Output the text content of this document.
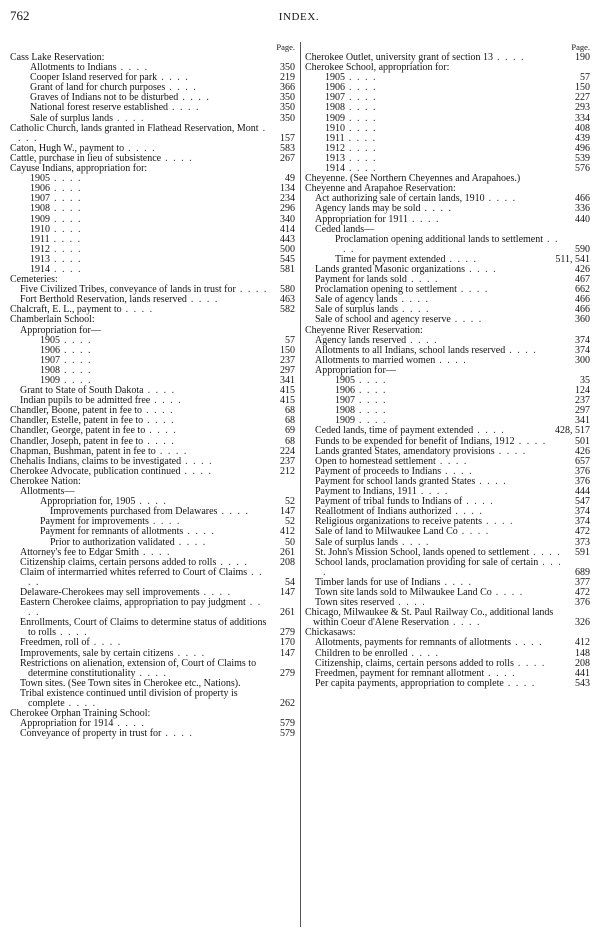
762	INDEX.
Page.
Cass Lake Reservation:
Allotments to Indians . . . .	350
Cooper Island reserved for park . . . .	219
Grant of land for church purposes . . . .	366
Graves of Indians not to be disturbed . . . .	350
National forest reserve established . . . .	350
Sale of surplus lands . . . .	350
Catholic Church, lands granted in Flathead Reservation, Mont . . . .	157
Caton, Hugh W., payment to . . . .	583
Cattle, purchase in lieu of subsistence . . . .	267
Cayuse Indians, appropriation for:
1905 . . . .	49
1906 . . . .	134
1907 . . . .	234
1908 . . . .	296
1909 . . . .	340
1910 . . . .	414
1911 . . . .	443
1912 . . . .	500
1913 . . . .	545
1914 . . . .	581
Cemeteries:
Five Civilized Tribes, conveyance of lands in trust for . . . . 580
Fort Berthold Reservation, lands reserved . . . .	463
Chalcraft, E. L., payment to . . . .	582
Chamberlain School:
Appropriation for—
1905 . . . .	57
1906 . . . .	150
1907 . . . .	237
1908 . . . .	297
1909 . . . .	341
Grant to State of South Dakota . . . .	415
Indian pupils to be admitted free . . . .	415
Chandler, Boone, patent in fee to . . . .	68
Chandler, Estelle, patent in fee to . . . .	68
Chandler, George, patent in fee to . . . .	69
Chandler, Joseph, patent in fee to . . . .	68
Chapman, Bushman, patent in fee to . . . .	224
Chehalis Indians, claims to be investigated . . . .	237
Cherokee Advocate, publication continued . . . .	212
Cherokee Nation:
Allotments—
Appropriation for, 1905 . . . .	52
Improvements purchased from Delawares . . . .	147
Payment for improvements . . . .	52
Payment for remnants of allotments . . . .	412
Prior to authorization validated . . . .	50
Attorney's fee to Edgar Smith . . . .	261
Citizenship claims, certain persons added to rolls . . . .	208
Claim of intermarried whites referred to Court of Claims . . . .	54
Delaware-Cherokees may sell improvements . . . .	147
Eastern Cherokee claims, appropriation to pay judgment . . . .	261
Enrollments, Court of Claims to determine status of additions to rolls . . . .	279
Freedmen, roll of . . . .	170
Improvements, sale by certain citizens . . . .	147
Restrictions on alienation, extension of, Court of Claims to determine constitutionality . . . .	279
Town sites. (See Town sites in Cherokee etc., Nations).
Tribal existence continued until division of property is complete . . . .	262
Cherokee Orphan Training School:
Appropriation for 1914 . . . .	579
Conveyance of property in trust for . . . .	579
Page.
Cherokee Outlet, university grant of section 13 . . . .	190
Cherokee School, appropriation for:
1905 . . . .	57
1906 . . . .	150
1907 . . . .	227
1908 . . . .	293
1909 . . . .	334
1910 . . . .	408
1911 . . . .	439
1912 . . . .	496
1913 . . . .	539
1914 . . . .	576
Cheyenne. (See Northern Cheyennes and Arapahoes.)
Cheyenne and Arapahoe Reservation:
Act authorizing sale of certain lands, 1910 . . . .	466
Agency lands may be sold . . . .	336
Appropriation for 1911 . . . .	440
Ceded lands—
Proclamation opening additional lands to settlement . . . .	590
Time for payment extended . . . .	511, 541
Lands granted Masonic organizations . . . .	426
Payment for lands sold . . . .	467
Proclamation opening to settlement . . . .	662
Sale of agency lands . . . .	466
Sale of surplus lands . . . .	466
Sale of school and agency reserve . . . .	360
Cheyenne River Reservation:
Agency lands reserved . . . .	374
Allotments to all Indians, school lands reserved . . . .	374
Allotments to married women . . . .	300
Appropriation for—
1905 . . . .	35
1906 . . . .	124
1907 . . . .	237
1908 . . . .	297
1909 . . . .	341
Ceded lands, time of payment extended . . . .	428, 517
Funds to be expended for benefit of Indians, 1912 . . . .	501
Lands granted States, amendatory provisions . . . .	426
Open to homestead settlement . . . .	657
Payment of proceeds to Indians . . . .	376
Payment for school lands granted States . . . .	376
Payment to Indians, 1911 . . . .	444
Payment of tribal funds to Indians of . . . .	547
Reallotment of Indians authorized . . . .	374
Religious organizations to receive patents . . . .	374
Sale of land to Milwaukee Land Co . . . .	472
Sale of surplus lands . . . .	373
St. John's Mission School, lands opened to settlement . . . . 591
School lands, proclamation providing for sale of certain . . . .	689
Timber lands for use of Indians . . . .	377
Town site lands sold to Milwaukee Land Co . . . .	472
Town sites reserved . . . .	376
Chicago, Milwaukee & St. Paul Railway Co., additional lands within Coeur d'Alene Reservation . . . .	326
Chickasaws:
Allotments, payments for remnants of allotments . . . .	412
Children to be enrolled . . . .	148
Citizenship, claims, certain persons added to rolls . . . .	208
Freedmen, payment for remnant allotment . . . .	441
Per capita payments, appropriation to complete . . . .	543
